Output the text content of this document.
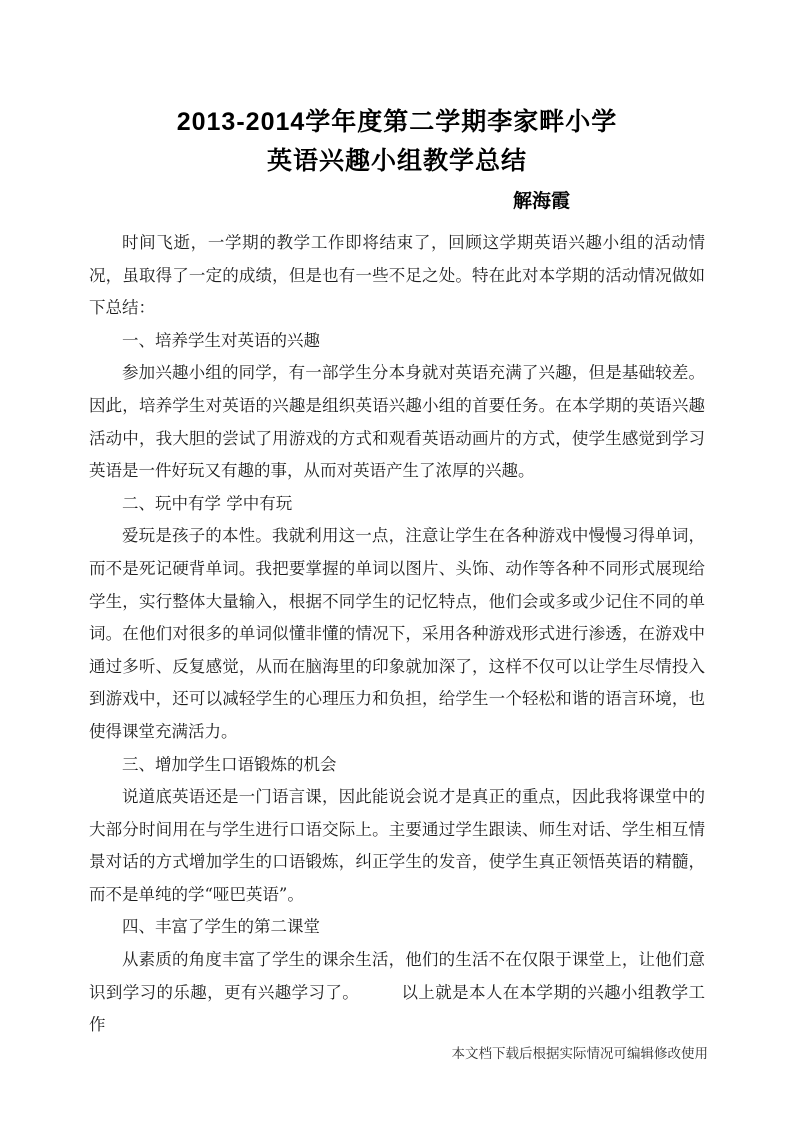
2013-2014学年度第二学期李家畔小学
英语兴趣小组教学总结
解海霞

时间飞逝，一学期的教学工作即将结束了，回顾这学期英语兴趣小组的活动情况，虽取得了一定的成绩，但是也有一些不足之处。特在此对本学期的活动情况做如下总结：

一、培养学生对英语的兴趣

参加兴趣小组的同学，有一部学生分本身就对英语充满了兴趣，但是基础较差。因此，培养学生对英语的兴趣是组织英语兴趣小组的首要任务。在本学期的英语兴趣活动中，我大胆的尝试了用游戏的方式和观看英语动画片的方式，使学生感觉到学习英语是一件好玩又有趣的事，从而对英语产生了浓厚的兴趣。

二、玩中有学 学中有玩

爱玩是孩子的本性。我就利用这一点，注意让学生在各种游戏中慢慢习得单词，而不是死记硬背单词。我把要掌握的单词以图片、头饰、动作等各种不同形式展现给学生，实行整体大量输入，根据不同学生的记忆特点，他们会或多或少记住不同的单词。在他们对很多的单词似懂非懂的情况下，采用各种游戏形式进行渗透，在游戏中通过多听、反复感觉，从而在脑海里的印象就加深了，这样不仅可以让学生尽情投入到游戏中，还可以减轻学生的心理压力和负担，给学生一个轻松和谐的语言环境，也使得课堂充满活力。

三、增加学生口语锻炼的机会

说道底英语还是一门语言课，因此能说会说才是真正的重点，因此我将课堂中的大部分时间用在与学生进行口语交际上。主要通过学生跟读、师生对话、学生相互情景对话的方式增加学生的口语锻炼，纠正学生的发音，使学生真正领悟英语的精髓，而不是单纯的学“哑巴英语”。

四、丰富了学生的第二课堂

从素质的角度丰富了学生的课余生活，他们的生活不在仅限于课堂上，让他们意识到学习的乐趣，更有兴趣学习了。　　　以上就是本人在本学期的兴趣小组教学工作

本文档下载后根据实际情况可编辑修改使用
